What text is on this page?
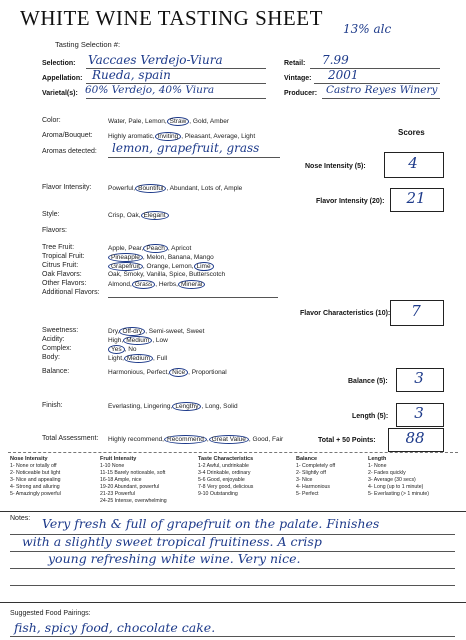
WHITE WINE TASTING SHEET 13% alc
Tasting Selection #:
Selection: Vaccaes Verdejo-Viura
Appellation: Rueda, spain
Varietal(s): 60% Verdejo, 40% Viura
Retail: 7.99
Vintage: 2001
Producer: Castro Reyes Winery
Scores
Color:	Water, Pale, Lemon, Straw , Gold, Amber
Aroma/Bouquet: Highly aromatic, Inviting , Pleasant, Average, Light
Aromas detected: lemon, grapefruit, grass
Nose Intensity (5):	4
Flavor Intensity:	Powerful, Bountiful , Abundant, Lots of, Ample
Flavor Intensity (20):	21
Style:	Crisp, Oak, Elegant
Flavors:
Tree Fruit:	Apple, Pear, Peach , Apricot
Tropical Fruit:	Pineapple , Melon, Banana, Mango
Citrus Fruit:	Grapefruit , Orange, Lemon, Lime
Oak Flavors:	Oak, Smoky, Vanilla, Spice, Butterscotch
Other Flavors:	Almond, Grass , Herbs, Mineral
Additional Flavors:
Flavor Characteristics (10):	7
Sweetness:	Dry, Off-dry , Semi-sweet, Sweet
Acidity:	High, Medium , Low
Complex:	Yes , No
Body:	Light, Medium , Full
Balance:	Harmonious, Perfect, Nice , Proportional
Balance (5):	3
Finish:	Everlasting, Lingering, Lengthy , Long, Solid
Length (5):	3
Total Assessment: Highly recommend, Recommend , Great Value , Good, Fair	Total + 50 Points:	88
Nose Intensity
1- None or totally off
2- Noticeable but light
3- Nice and appealing
4- Strong and alluring
5- Amazingly powerful
Fruit Intensity
1-10 None
11-15 Barely noticeable, soft
16-18 Ample, nice
19-20 Abundant, powerful
21-23 Powerful
24-25 Intense, overwhelming
Taste Characteristics
1-2 Awful, undrinkable
3-4 Drinkable, ordinary
5-6 Good, enjoyable
7-8 Very good, delicious
9-10 Outstanding
Balance
1- Completely off
2- Slightly off
3- Nice
4- Harmonious
5- Perfect
Length
1- None
2- Fades quickly
3- Average (30 secs)
4- Long (up to 1 minute)
5- Everlasting (> 1 minute)
Notes: Very fresh & full of grapefruit on the palate. Finishes
with a slightly sweet tropical fruitiness. A crisp
young refreshing white wine. Very nice.
Suggested Food Pairings:
fish, spicy food, chocolate cake.
